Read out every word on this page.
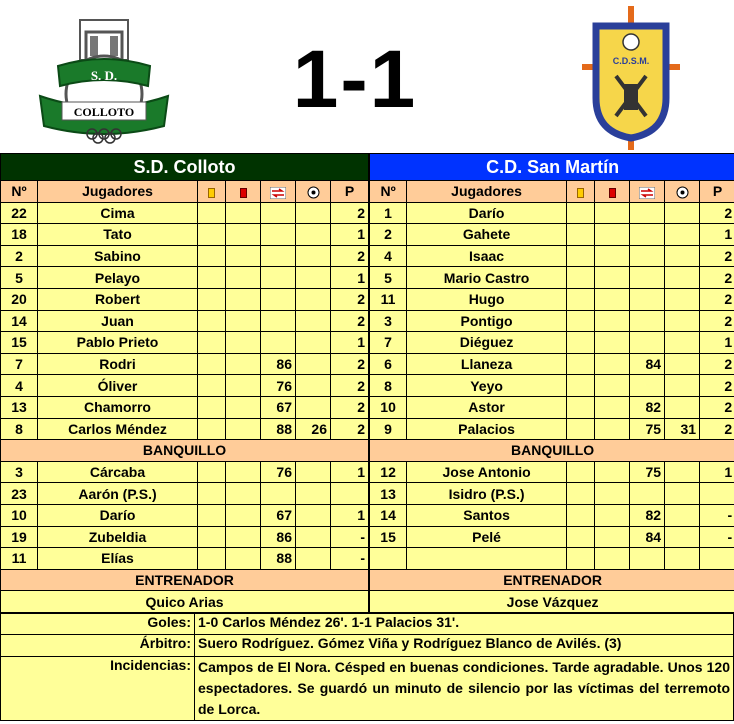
S. D.
COLLOTO	1-1	C.D.S.M.
S.D. Colloto						
Nº	Jugadores					P
22	Cima					2
18	Tato					1
2	Sabino					2
5	Pelayo					1
20	Robert					2
14	Juan					2
15	Pablo Prieto					1
7	Rodri			86		2
4	Óliver			76		2
13	Chamorro			67		2
8	Carlos Méndez			88	26	2
BANQUILLO						
3	Cárcaba			76		1
23	Aarón (P.S.)					
10	Darío			67		1
19	Zubeldia			86		-
11	Elías			88		-
ENTRENADOR						
Quico Arias						
C.D. San Martín						
Nº	Jugadores					P
1	Darío					2
2	Gahete					1
4	Isaac					2
5	Mario Castro					2
11	Hugo					2
3	Pontigo					2
7	Diéguez					1
6	Llaneza			84		2
8	Yeyo					2
10	Astor			82		2
9	Palacios			75	31	2
BANQUILLO						
12	Jose Antonio			75		1
13	Isidro (P.S.)					
14	Santos			82		-
15	Pelé			84		-

ENTRENADOR						
Jose Vázquez						
Goles:	1-0 Carlos Méndez 26'. 1-1 Palacios 31'.
Árbitro:	Suero Rodríguez. Gómez Viña y Rodríguez Blanco de Avilés. (3)
Incidencias:	Campos de El Nora. Césped en buenas condiciones. Tarde agradable. Unos 120 espectadores. Se guardó un minuto de silencio por las víctimas del terremoto de Lorca.
